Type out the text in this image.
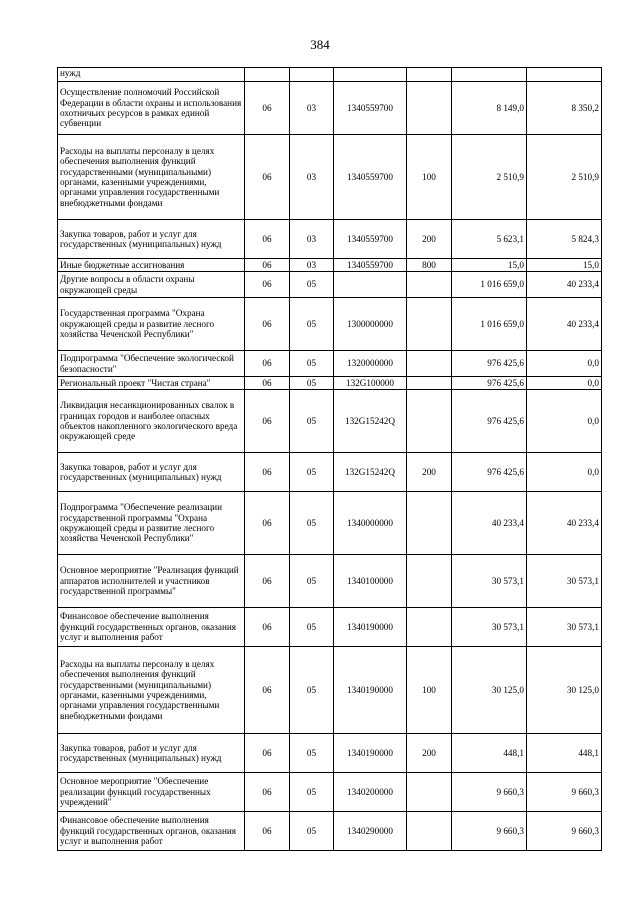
384
нужд						
Осуществление полномочий Российской Федерации в области охраны и использования охотничьих ресурсов в рамках единой субвенции	06	03	1340559700		8 149,0	8 350,2
Расходы на выплаты персоналу в целях обеспечения выполнения функций государственными (муниципальными) органами, казенными учреждениями, органами управления государственными внебюджетными фондами	06	03	1340559700	100	2 510,9	2 510,9
Закупка товаров, работ и услуг для государственных (муниципальных) нужд	06	03	1340559700	200	5 623,1	5 824,3
Иные бюджетные ассигнования	06	03	1340559700	800	15,0	15,0
Другие вопросы в области охраны окружающей среды	06	05			1 016 659,0	40 233,4
Государственная программа "Охрана окружающей среды и развитие лесного хозяйства Чеченской Республики"	06	05	1300000000		1 016 659,0	40 233,4
Подпрограмма "Обеспечение экологической безопасности"	06	05	1320000000		976 425,6	0,0
Региональный проект "Чистая страна"	06	05	132G100000		976 425,6	0,0
Ликвидация несанкционированных свалок в границах городов и наиболее опасных объектов накопленного экологического вреда окружающей среде	06	05	132G15242Q		976 425,6	0,0
Закупка товаров, работ и услуг для государственных (муниципальных) нужд	06	05	132G15242Q	200	976 425,6	0,0
Подпрограмма "Обеспечение реализации государственной программы "Охрана окружающей среды и развитие лесного хозяйства Чеченской Республики"	06	05	1340000000		40 233,4	40 233,4
Основное мероприятие "Реализация функций аппаратов исполнителей и участников государственной программы"	06	05	1340100000		30 573,1	30 573,1
Финансовое обеспечение выполнения функций государственных органов, оказания услуг и выполнения работ	06	05	1340190000		30 573,1	30 573,1
Расходы на выплаты персоналу в целях обеспечения выполнения функций государственными (муниципальными) органами, казенными учреждениями, органами управления государственными внебюджетными фондами	06	05	1340190000	100	30 125,0	30 125,0
Закупка товаров, работ и услуг для государственных (муниципальных) нужд	06	05	1340190000	200	448,1	448,1
Основное мероприятие "Обеспечение реализации функций государственных учреждений"	06	05	1340200000		9 660,3	9 660,3
Финансовое обеспечение выполнения функций государственных органов, оказания услуг и выполнения работ	06	05	1340290000		9 660,3	9 660,3
